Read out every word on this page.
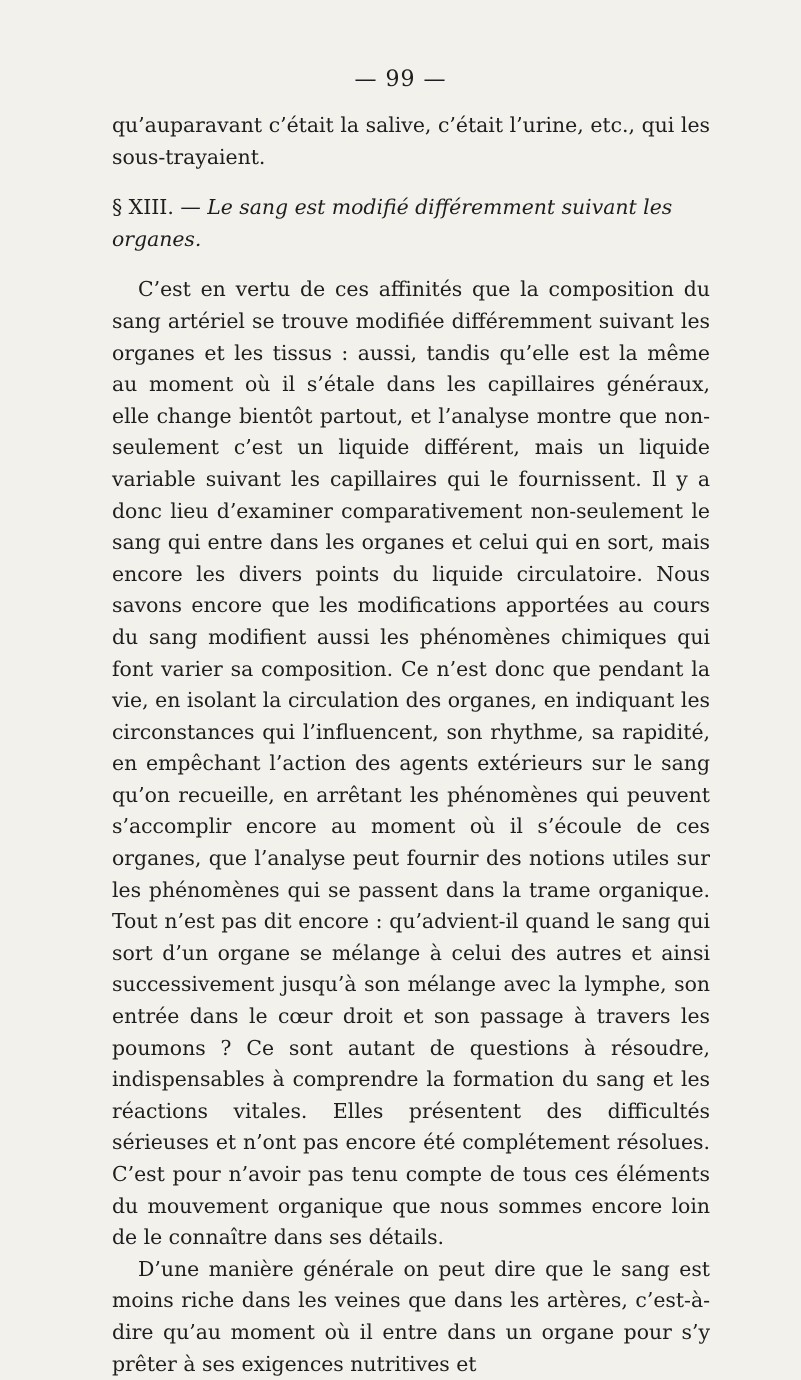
— 99 —

qu’auparavant c’était la salive, c’était l’urine, etc., qui les sous-trayaient.

§ XIII. — Le sang est modifié différemment suivant les organes.

C’est en vertu de ces affinités que la composition du sang artériel se trouve modifiée différemment suivant les organes et les tissus : aussi, tandis qu’elle est la même au moment où il s’étale dans les capillaires généraux, elle change bientôt partout, et l’analyse montre que non-seulement c’est un liquide différent, mais un liquide variable suivant les capillaires qui le fournissent. Il y a donc lieu d’examiner comparativement non-seulement le sang qui entre dans les organes et celui qui en sort, mais encore les divers points du liquide circulatoire. Nous savons encore que les modifications apportées au cours du sang modifient aussi les phénomènes chimiques qui font varier sa composition. Ce n’est donc que pendant la vie, en isolant la circulation des organes, en indiquant les circonstances qui l’influencent, son rhythme, sa rapidité, en empêchant l’action des agents extérieurs sur le sang qu’on recueille, en arrêtant les phénomènes qui peuvent s’accomplir encore au moment où il s’écoule de ces organes, que l’analyse peut fournir des notions utiles sur les phénomènes qui se passent dans la trame organique. Tout n’est pas dit encore : qu’advient-il quand le sang qui sort d’un organe se mélange à celui des autres et ainsi successivement jusqu’à son mélange avec la lymphe, son entrée dans le cœur droit et son passage à travers les poumons ? Ce sont autant de questions à résoudre, indispensables à comprendre la formation du sang et les réactions vitales. Elles présentent des difficultés sérieuses et n’ont pas encore été complétement résolues. C’est pour n’avoir pas tenu compte de tous ces éléments du mouvement organique que nous sommes encore loin de le connaître dans ses détails.

D’une manière générale on peut dire que le sang est moins riche dans les veines que dans les artères, c’est-à-dire qu’au moment où il entre dans un organe pour s’y prêter à ses exigences nutritives et
